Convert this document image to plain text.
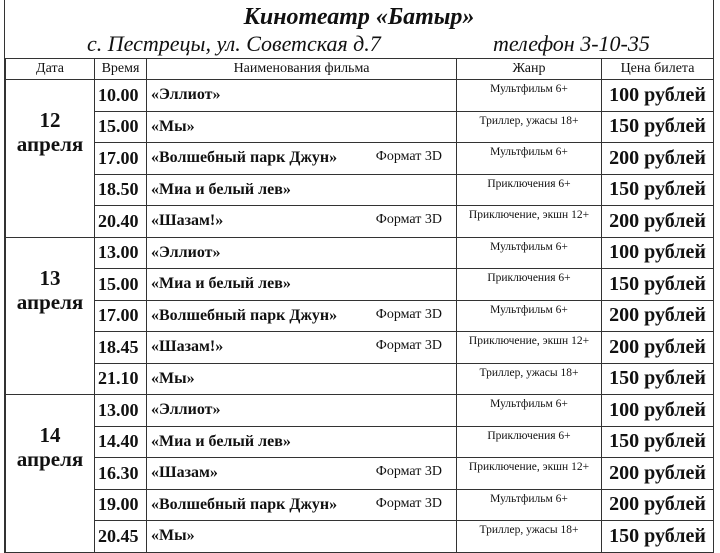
Кинотеатр «Батыр»
с. Пестрецы, ул. Советская д.7	телефон 3-10-35
Дата	Время	Наименования фильма	Жанр	Цена билета
12 апреля	10.00	«Эллиот»	Мультфильм 6+	100 рублей
	15.00	«Мы»	Триллер, ужасы 18+	150 рублей
	17.00	«Волшебный парк Джун» Формат 3D	Мультфильм 6+	200 рублей
	18.50	«Миа и белый лев»	Приключения 6+	150 рублей
	20.40	«Шазам!» Формат 3D	Приключение, экшн 12+	200 рублей
13 апреля	13.00	«Эллиот»	Мультфильм 6+	100 рублей
	15.00	«Миа и белый лев»	Приключения 6+	150 рублей
	17.00	«Волшебный парк Джун» Формат 3D	Мультфильм 6+	200 рублей
	18.45	«Шазам!» Формат 3D	Приключение, экшн 12+	200 рублей
	21.10	«Мы»	Триллер, ужасы 18+	150 рублей
14 апреля	13.00	«Эллиот»	Мультфильм 6+	100 рублей
	14.40	«Миа и белый лев»	Приключения 6+	150 рублей
	16.30	«Шазам» Формат 3D	Приключение, экшн 12+	200 рублей
	19.00	«Волшебный парк Джун» Формат 3D	Мультфильм 6+	200 рублей
	20.45	«Мы»	Триллер, ужасы 18+	150 рублей
